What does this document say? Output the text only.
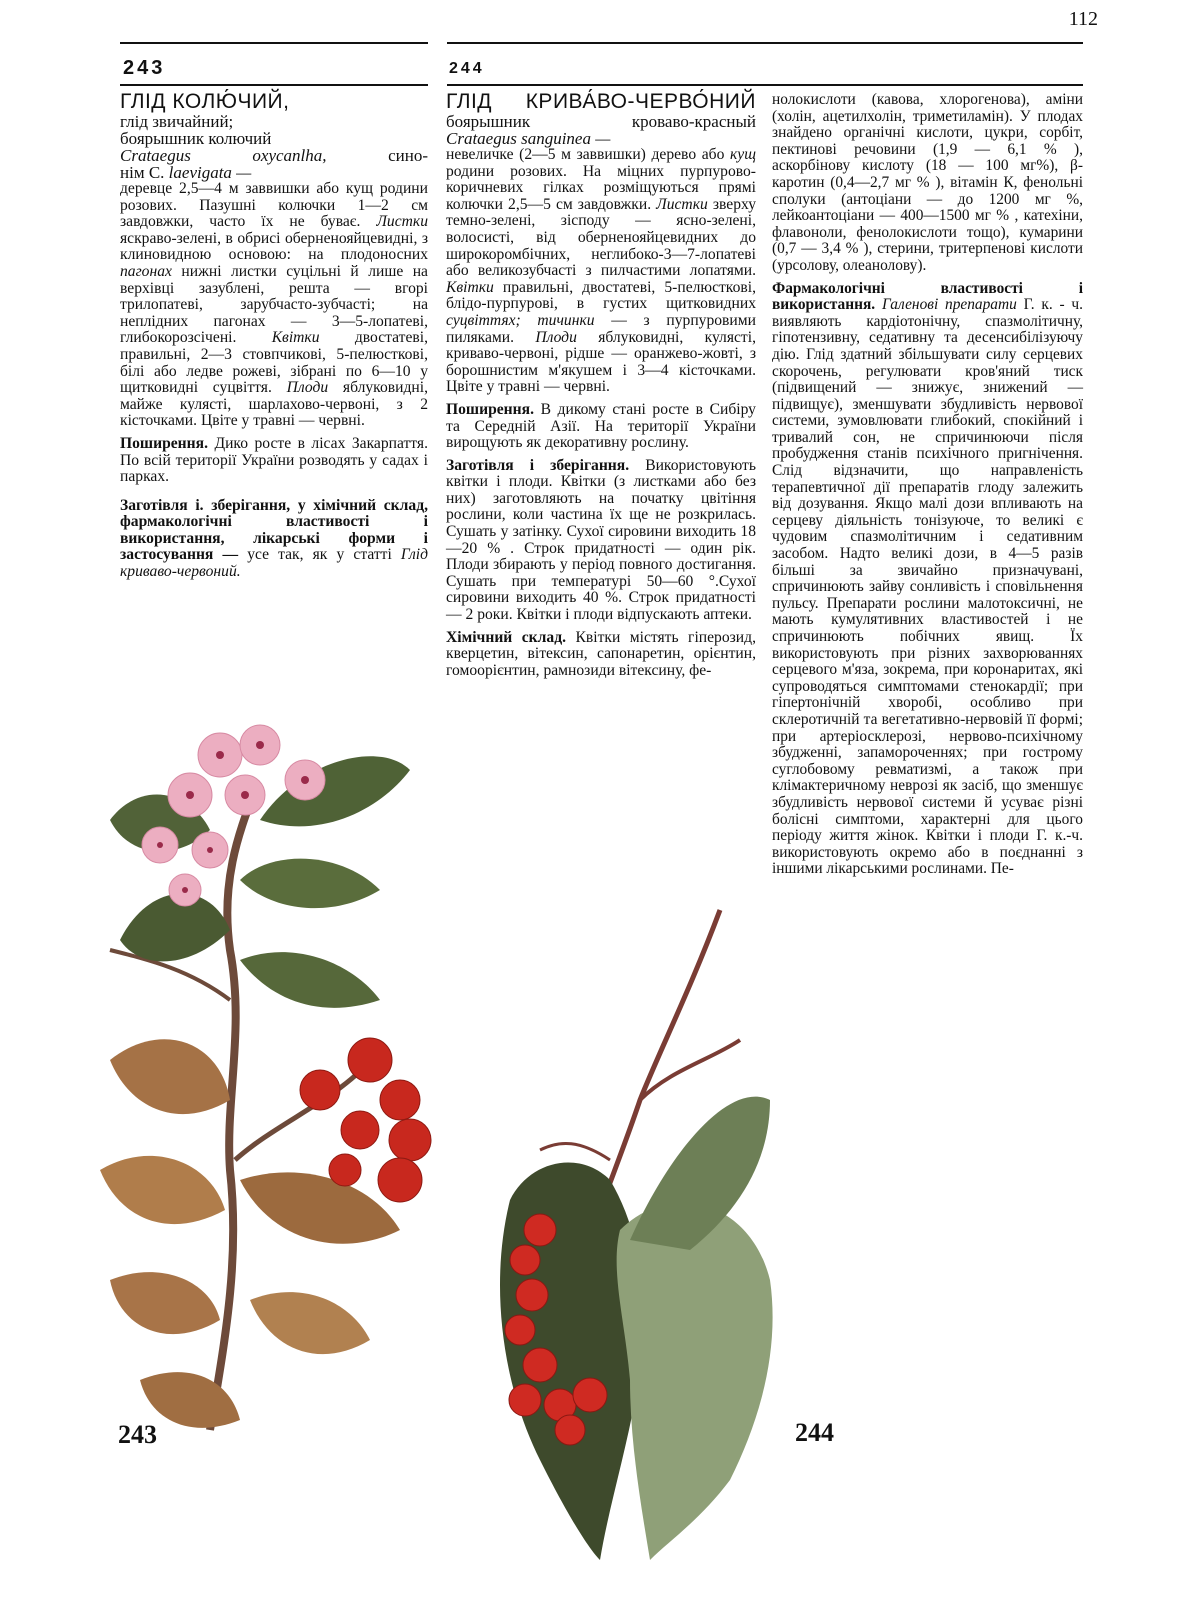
112
243	244
ГЛІД КОЛЮ́ЧИЙ,
глід звичайний;
боярышник колючий
Crataegus	oxycanlha,	сино-
нім С. laevigata —

деревце 2,5—4 м заввишки або кущ родини розових. Пазушні колючки 1—2 см завдовжки, часто їх не буває. Листки яскраво-зелені, в обрисі оберненояйцевидні, з клиновидною основою: на плодоносних пагонах нижні листки суцільні й лише на верхівці зазублені, решта — вгорі трилопатеві, зарубчасто-зубчасті; на неплідних пагонах — 3—5-лопатеві, глибокорозсічені. Квітки двостатеві, правильні, 2—3 стовпчикові, 5-пелюсткові, білі або ледве рожеві, зібрані по 6—10 у щитковидні суцвіття. Плоди яблуковидні, майже кулясті, шарлахово-червоні, з 2 кісточками. Цвіте у травні — червні.

Поширення. Дико росте в лісах Закарпаття. По всій території України розводять у садах і парках.

Заготівля і. зберігання, у хімічний склад, фармакологічні властивості і використання, лікарські форми і застосування — усе так, як у статті Глід криваво-червоний.

ГЛІД КРИВА́ВО-ЧЕРВО́НИЙ
боярышник	кроваво-красный
Crataegus sanguinea —

невеличке (2—5 м заввишки) дерево або кущ родини розових. На міцних пурпурово-коричневих гілках розміщуються прямі колючки 2,5—5 см завдовжки. Листки зверху темно-зелені, зісподу — ясно-зелені, волосисті, від оберненояйцевидних до широкоромбічних, неглибоко-3—7-лопатеві або великозубчасті з пилчастими лопатями. Квітки правильні, двостатеві, 5-пелюсткові, блідо-пурпурові, в густих щитковидних суцвіттях; тичинки — з пурпуровими пиляками. Плоди яблуковидні, кулясті, криваво-червоні, рідше — оранжево-жовті, з борошнистим м'якушем і 3—4 кісточками. Цвіте у травні — червні.

Поширення. В дикому стані росте в Сибіру та Середній Азії. На території України вирощують як декоративну рослину.

Заготівля і зберігання. Використовують квітки і плоди. Квітки (з листками або без них) заготовляють на початку цвітіння рослини, коли частина їх ще не розкрилась. Сушать у затінку. Сухої сировини виходить 18—20 % . Строк придатності — один рік. Плоди збирають у період повного достигання. Сушать при температурі 50—60 °.Сухої сировини виходить 40 %. Строк придатності — 2 роки. Квітки і плоди відпускають аптеки.

Хімічний склад. Квітки містять гіперозид, кверцетин, вітексин, сапонаретин, орієнтин, гомоорієнтин, рамнозиди вітексину, фе-

нолокислоти (кавова, хлорогенова), аміни (холін, ацетилхолін, триметиламін). У плодах знайдено органічні кислоти, цукри, сорбіт, пектинові речовини (1,9 — 6,1 % ), аскорбінову кислоту (18 — 100 мг%), β-каротин (0,4—2,7 мг % ), вітамін К, фенольні сполуки (антоціани — до 1200 мг %, лейкоантоціани — 400—1500 мг % , катехіни, флавоноли, фенолокислоти тощо), кумарини (0,7 — 3,4 % ), стерини, тритерпенові кислоти (урсолову, олеанолову).

Фармакологічні властивості і використання. Галенові препарати Г. к. - ч. виявляють кардіотонічну, спазмолітичну, гіпотензивну, седативну та десенсибілізуючу дію. Глід здатний збільшувати силу серцевих скорочень, регулювати кров'яний тиск (підвищений — знижує, знижений — підвищує), зменшувати збудливість нервової системи, зумовлювати глибокий, спокійний і тривалий сон, не спричинюючи після пробудження станів психічного пригнічення. Слід відзначити, що направленість терапевтичної дії препаратів глоду залежить від дозування. Якщо малі дози впливають на серцеву діяльність тонізуюче, то великі є чудовим спазмолітичним і седативним засобом. Надто великі дози, в 4—5 разів більші за звичайно призначувані, спричинюють зайву сонливість і сповільнення пульсу. Препарати рослини малотоксичні, не мають кумулятивних властивостей і не спричинюють побічних явищ. Їх використовують при різних захворюваннях серцевого м'яза, зокрема, при коронаритах, які супроводяться симптомами стенокардії; при гіпертонічній хворобі, особливо при склеротичній та вегетативно-нервовій її формі; при артеріосклерозі, нервово-психічному збудженні, запамороченнях; при гострому суглобовому ревматизмі, а також при клімактеричному неврозі як засіб, що зменшує збудливість нервової системи й усуває різні болісні симптоми, характерні для цього періоду життя жінок. Квітки і плоди Г. к.-ч. використовують окремо або в поєднанні з іншими лікарськими рослинами. Пе-

243	244
